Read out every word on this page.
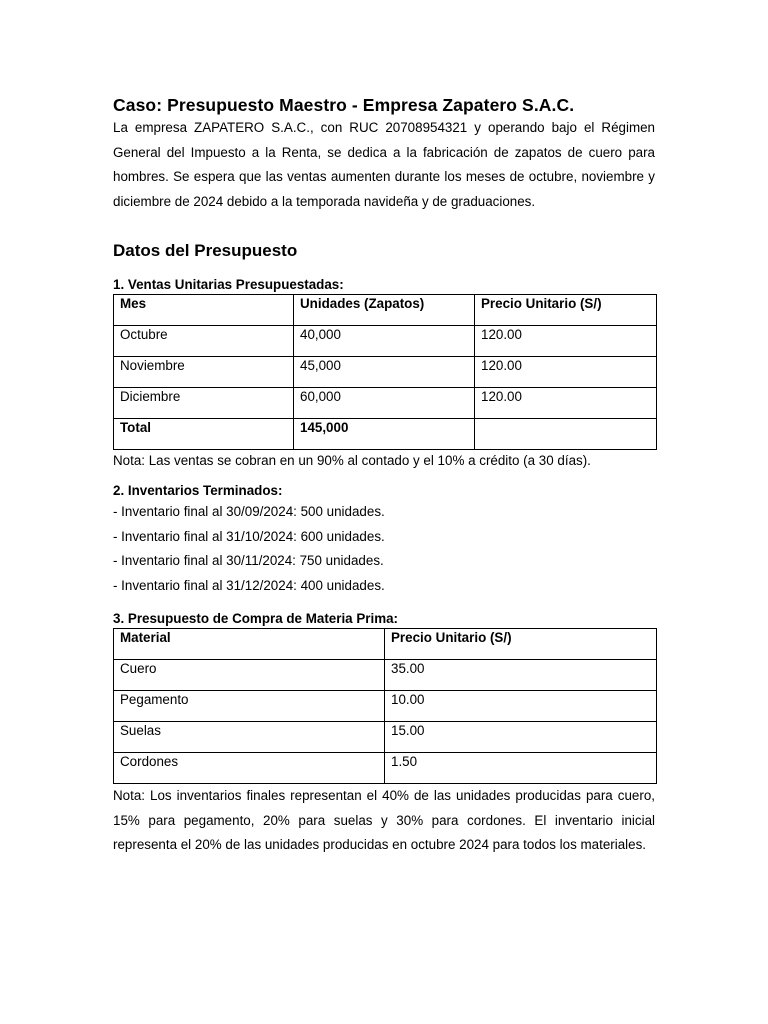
Caso: Presupuesto Maestro - Empresa Zapatero S.A.C.

La empresa ZAPATERO S.A.C., con RUC 20708954321 y operando bajo el Régimen General del Impuesto a la Renta, se dedica a la fabricación de zapatos de cuero para hombres. Se espera que las ventas aumenten durante los meses de octubre, noviembre y diciembre de 2024 debido a la temporada navideña y de graduaciones.

Datos del Presupuesto

1. Ventas Unitarias Presupuestadas:

Mes	Unidades (Zapatos)	Precio Unitario (S/)
Octubre	40,000	120.00
Noviembre	45,000	120.00
Diciembre	60,000	120.00
Total	145,000	

Nota: Las ventas se cobran en un 90% al contado y el 10% a crédito (a 30 días).

2. Inventarios Terminados:

- Inventario final al 30/09/2024: 500 unidades.
- Inventario final al 31/10/2024: 600 unidades.
- Inventario final al 30/11/2024: 750 unidades.
- Inventario final al 31/12/2024: 400 unidades.

3. Presupuesto de Compra de Materia Prima:

Material	Precio Unitario (S/)
Cuero	35.00
Pegamento	10.00
Suelas	15.00
Cordones	1.50

Nota: Los inventarios finales representan el 40% de las unidades producidas para cuero, 15% para pegamento, 20% para suelas y 30% para cordones. El inventario inicial representa el 20% de las unidades producidas en octubre 2024 para todos los materiales.
